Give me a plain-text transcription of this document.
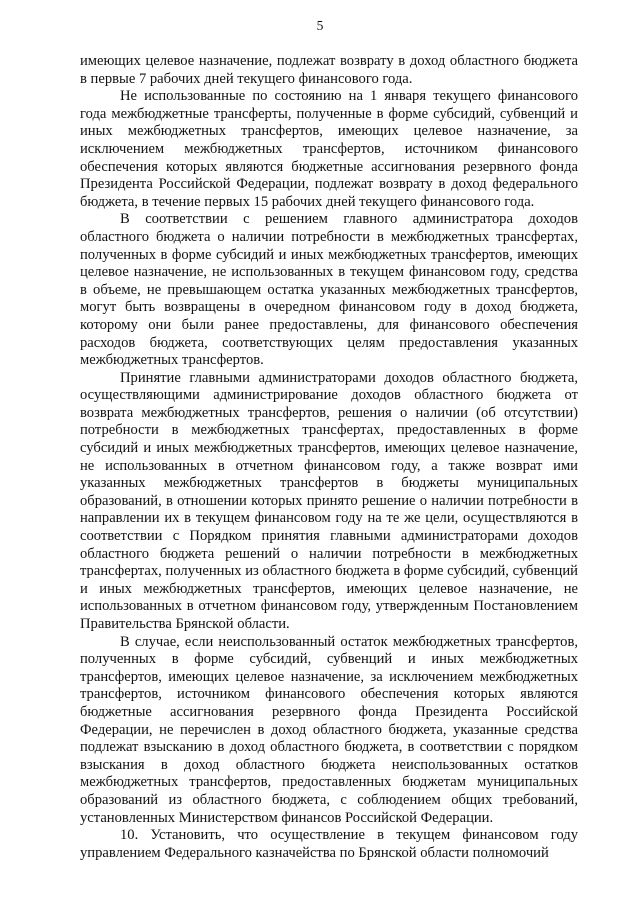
5

имеющих целевое назначение, подлежат возврату в доход областного бюджета в первые 7 рабочих дней текущего финансового года.

Не использованные по состоянию на 1 января текущего финансового года межбюджетные трансферты, полученные в форме субсидий, субвенций и иных межбюджетных трансфертов, имеющих целевое назначение, за исключением межбюджетных трансфертов, источником финансового обеспечения которых являются бюджетные ассигнования резервного фонда Президента Российской Федерации, подлежат возврату в доход федерального бюджета, в течение первых 15 рабочих дней текущего финансового года.

В соответствии с решением главного администратора доходов областного бюджета о наличии потребности в межбюджетных трансфертах, полученных в форме субсидий и иных межбюджетных трансфертов, имеющих целевое назначение, не использованных в текущем финансовом году, средства в объеме, не превышающем остатка указанных межбюджетных трансфертов, могут быть возвращены в очередном финансовом году в доход бюджета, которому они были ранее предоставлены, для финансового обеспечения расходов бюджета, соответствующих целям предоставления указанных межбюджетных трансфертов.

Принятие главными администраторами доходов областного бюджета, осуществляющими администрирование доходов областного бюджета от возврата межбюджетных трансфертов, решения о наличии (об отсутствии) потребности в межбюджетных трансфертах, предоставленных в форме субсидий и иных межбюджетных трансфертов, имеющих целевое назначение, не использованных в отчетном финансовом году, а также возврат ими указанных межбюджетных трансфертов в бюджеты муниципальных образований, в отношении которых принято решение о наличии потребности в направлении их в текущем финансовом году на те же цели, осуществляются в соответствии с Порядком принятия главными администраторами доходов областного бюджета решений о наличии потребности в межбюджетных трансфертах, полученных из областного бюджета в форме субсидий, субвенций и иных межбюджетных трансфертов, имеющих целевое назначение, не использованных в отчетном финансовом году, утвержденным Постановлением Правительства Брянской области.

В случае, если неиспользованный остаток межбюджетных трансфертов, полученных в форме субсидий, субвенций и иных межбюджетных трансфертов, имеющих целевое назначение, за исключением межбюджетных трансфертов, источником финансового обеспечения которых являются бюджетные ассигнования резервного фонда Президента Российской Федерации, не перечислен в доход областного бюджета, указанные средства подлежат взысканию в доход областного бюджета, в соответствии с порядком взыскания в доход областного бюджета неиспользованных остатков межбюджетных трансфертов, предоставленных бюджетам муниципальных образований из областного бюджета, с соблюдением общих требований, установленных Министерством финансов Российской Федерации.

10. Установить, что осуществление в текущем финансовом году управлением Федерального казначейства по Брянской области полномочий
